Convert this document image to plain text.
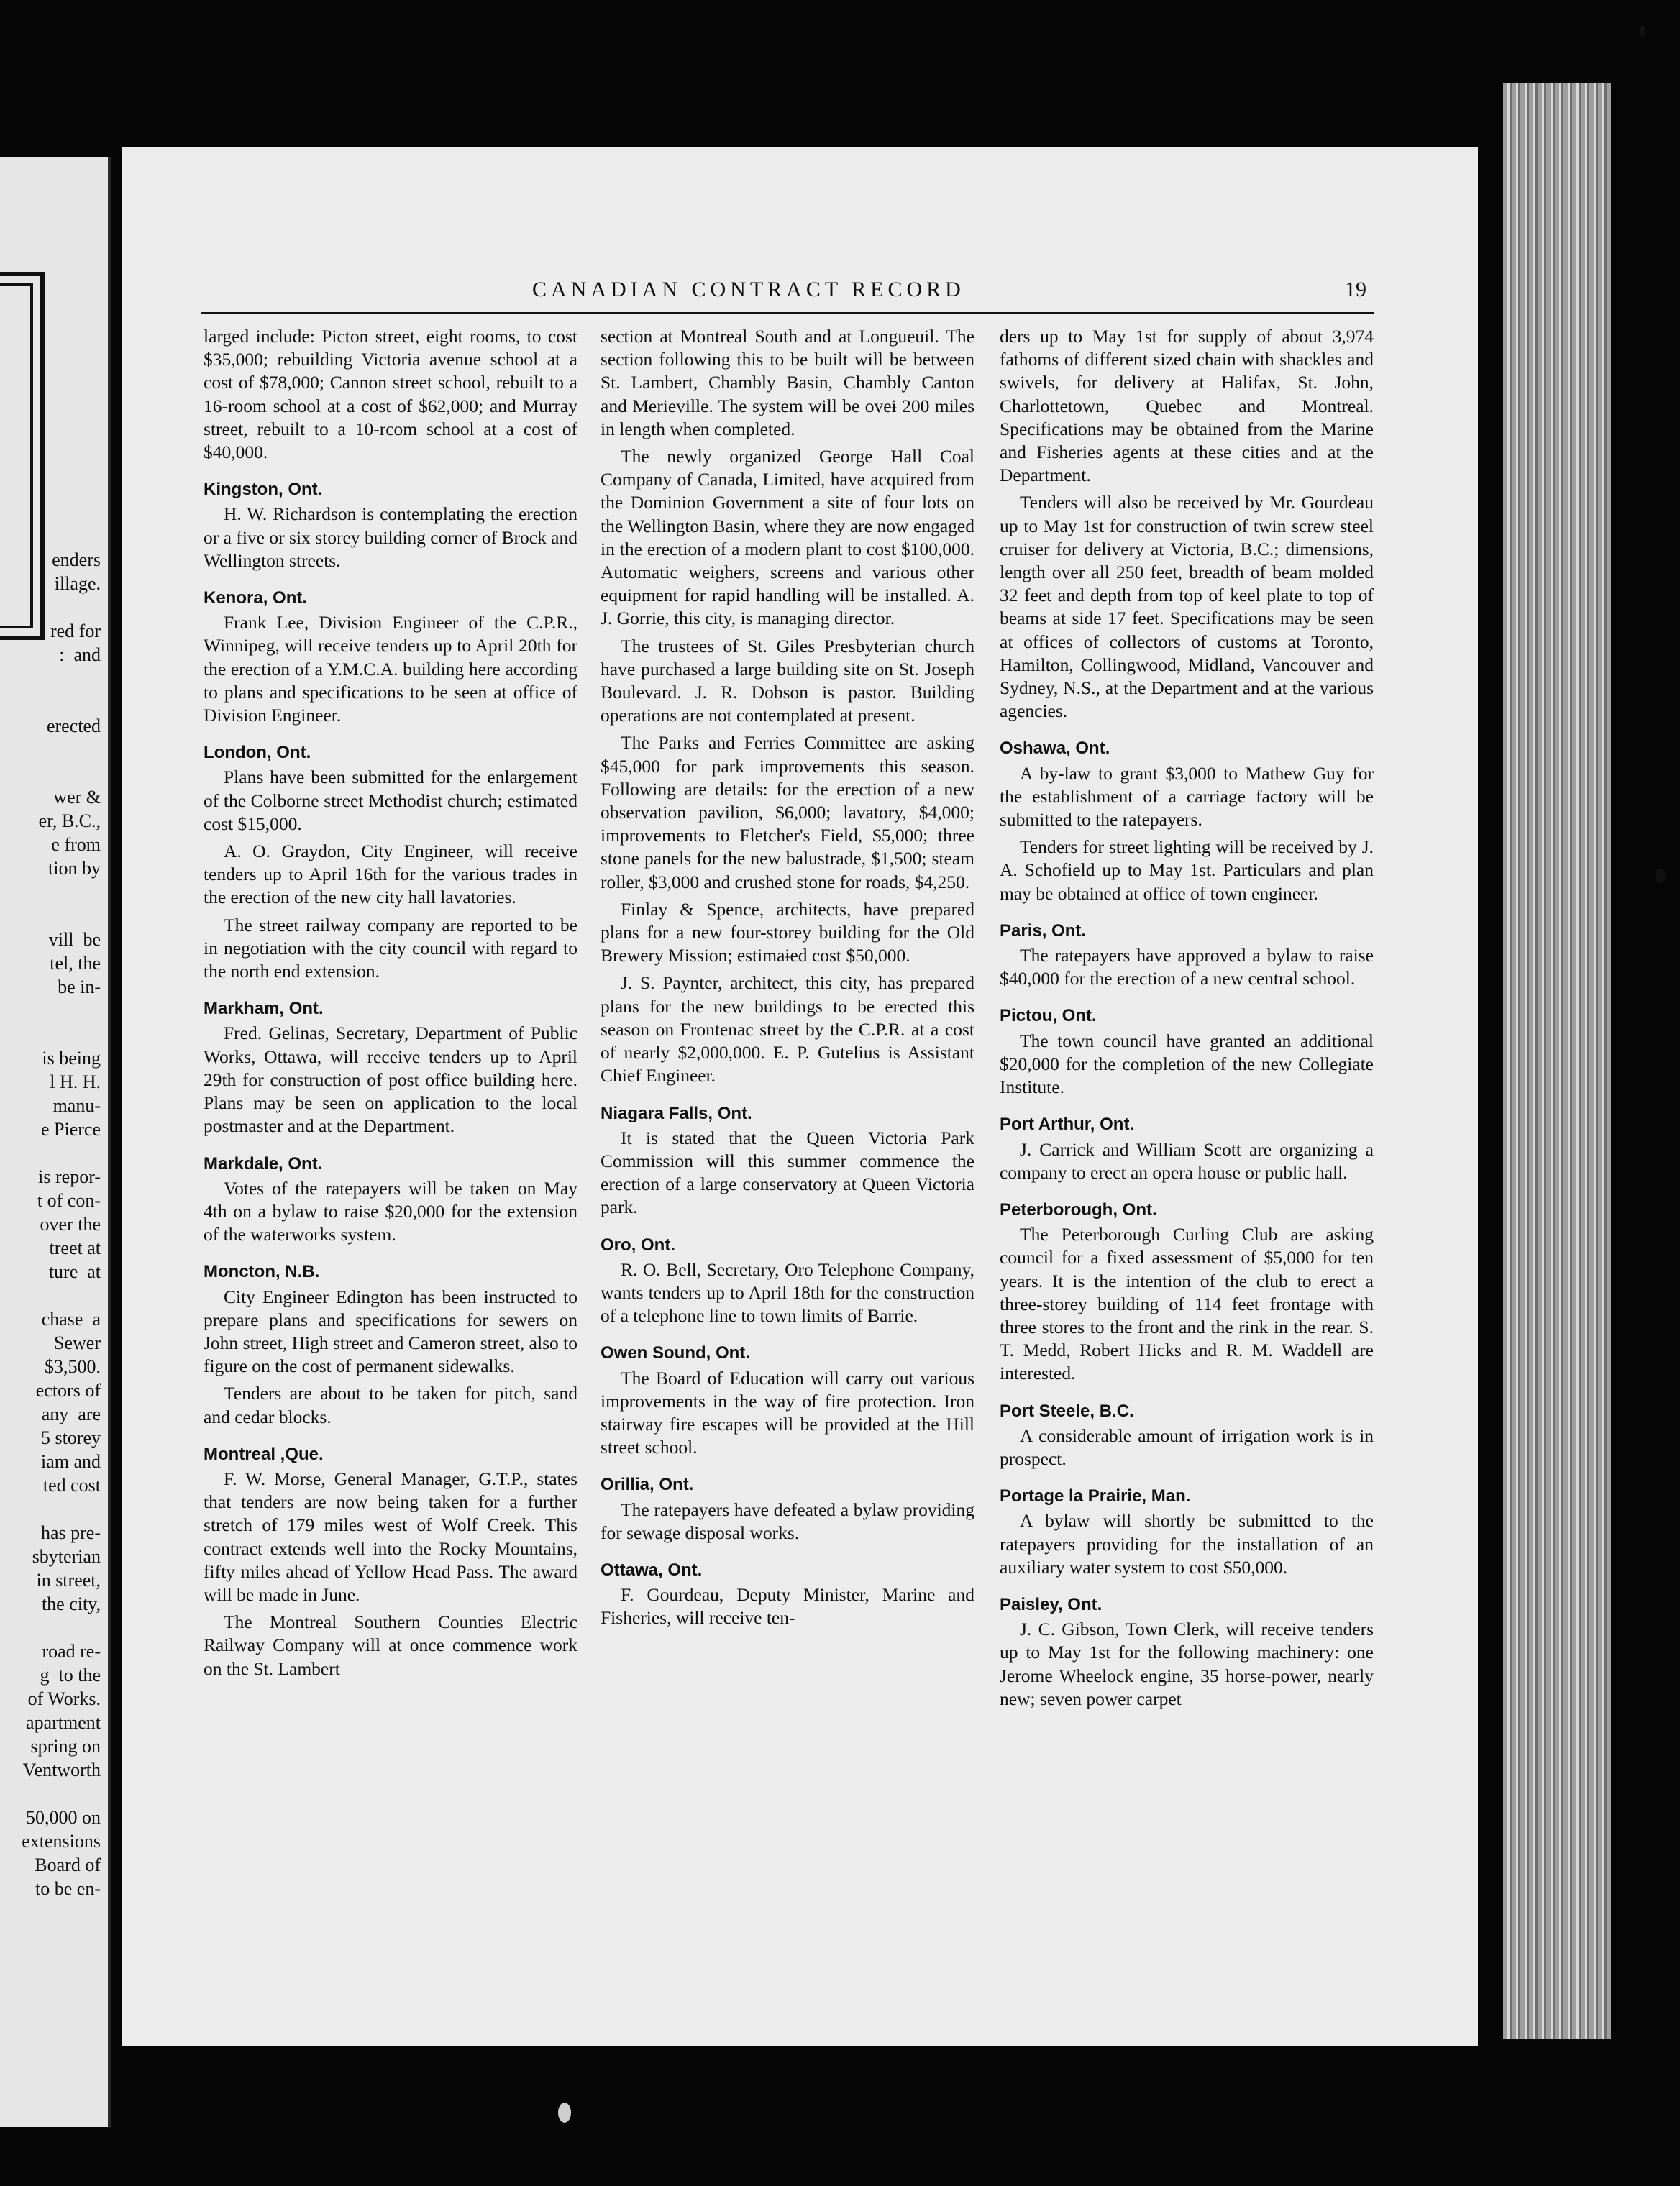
enders
illage.
red for
:  and
erected
wer &
er, B.C.,
e from
tion by
vill  be
tel, the
be in-
is being
l H. H.
manu-
e Pierce
is repor-
t of con-
over the
treet at
ture  at
chase  a
Sewer
$3,500.
ectors of
any  are
5 storey
iam and
ted cost
has pre-
sbyterian
in street,
the city,
road re-
g  to the
of Works.
apartment
spring on
Ventworth
50,000 on
extensions
Board of
to be en-
CANADIAN CONTRACT RECORD	19

larged include: Picton street, eight rooms, to cost $35,000; rebuilding Victoria avenue school at a cost of $78,000; Cannon street school, rebuilt to a 16-room school at a cost of $62,000; and Murray street, rebuilt to a 10-rcom school at a cost of $40,000.

Kingston, Ont.

H. W. Richardson is contemplating the erection or a five or six storey building corner of Brock and Wellington streets.

Kenora, Ont.

Frank Lee, Division Engineer of the C.P.R., Winnipeg, will receive tenders up to April 20th for the erection of a Y.M.C.A. building here according to plans and specifications to be seen at office of Division Engineer.

London, Ont.

Plans have been submitted for the enlargement of the Colborne street Methodist church; estimated cost $15,000.

A. O. Graydon, City Engineer, will receive tenders up to April 16th for the various trades in the erection of the new city hall lavatories.

The street railway company are reported to be in negotiation with the city council with regard to the north end extension.

Markham, Ont.

Fred. Gelinas, Secretary, Department of Public Works, Ottawa, will receive tenders up to April 29th for construction of post office building here. Plans may be seen on application to the local postmaster and at the Department.

Markdale, Ont.

Votes of the ratepayers will be taken on May 4th on a bylaw to raise $20,000 for the extension of the waterworks system.

Moncton, N.B.

City Engineer Edington has been instructed to prepare plans and specifications for sewers on John street, High street and Cameron street, also to figure on the cost of permanent sidewalks.

Tenders are about to be taken for pitch, sand and cedar blocks.

Montreal ,Que.

F. W. Morse, General Manager, G.T.P., states that tenders are now being taken for a further stretch of 179 miles west of Wolf Creek. This contract extends well into the Rocky Mountains, fifty miles ahead of Yellow Head Pass. The award will be made in June.

The Montreal Southern Counties Electric Railway Company will at once commence work on the St. Lambert

section at Montreal South and at Longueuil. The section following this to be built will be between St. Lambert, Chambly Basin, Chambly Canton and Merieville. The system will be oveɨ 200 miles in length when completed.

The newly organized George Hall Coal Company of Canada, Limited, have acquired from the Dominion Government a site of four lots on the Wellington Basin, where they are now engaged in the erection of a modern plant to cost $100,000. Automatic weighers, screens and various other equipment for rapid handling will be installed. A. J. Gorrie, this city, is managing director.

The trustees of St. Giles Presbyterian church have purchased a large building site on St. Joseph Boulevard. J. R. Dobson is pastor. Building operations are not contemplated at present.

The Parks and Ferries Committee are asking $45,000 for park improvements this season. Following are details: for the erection of a new observation pavilion, $6,000; lavatory, $4,000; improvements to Fletcher's Field, $5,000; three stone panels for the new balustrade, $1,500; steam roller, $3,000 and crushed stone for roads, $4,250.

Finlay & Spence, architects, have prepared plans for a new four-storey building for the Old Brewery Mission; estimaɨed cost $50,000.

J. S. Paynter, architect, this city, has prepared plans for the new buildings to be erected this season on Frontenac street by the C.P.R. at a cost of nearly $2,000,000. E. P. Gutelius is Assistant Chief Engineer.

Niagara Falls, Ont.

It is stated that the Queen Victoria Park Commission will this summer commence the erection of a large conservatory at Queen Victoria park.

Oro, Ont.

R. O. Bell, Secretary, Oro Telephone Company, wants tenders up to April 18th for the construction of a telephone line to town limits of Barrie.

Owen Sound, Ont.

The Board of Education will carry out various improvements in the way of fire protection. Iron stairway fire escapes will be provided at the Hill street school.

Orillia, Ont.

The ratepayers have defeated a bylaw providing for sewage disposal works.

Ottawa, Ont.

F. Gourdeau, Deputy Minister, Marine and Fisheries, will receive ten-

ders up to May 1st for supply of about 3,974 fathoms of different sized chain with shackles and swivels, for delivery at Halifax, St. John, Charlottetown, Quebec and Montreal. Specifications may be obtained from the Marine and Fisheries agents at these cities and at the Department.

Tenders will also be received by Mr. Gourdeau up to May 1st for construction of twin screw steel cruiser for delivery at Victoria, B.C.; dimensions, length over all 250 feet, breadth of beam molded 32 feet and depth from top of keel plate to top of beams at side 17 feet. Specifications may be seen at offices of collectors of customs at Toronto, Hamilton, Collingwood, Midland, Vancouver and Sydney, N.S., at the Department and at the various agencies.

Oshawa, Ont.

A by-law to grant $3,000 to Mathew Guy for the establishment of a carriage factory will be submitted to the ratepayers.

Tenders for street lighting will be received by J. A. Schofield up to May 1st. Particulars and plan may be obtained at office of town engineer.

Paris, Ont.

The ratepayers have approved a bylaw to raise $40,000 for the erection of a new central school.

Pictou, Ont.

The town council have granted an additional $20,000 for the completion of the new Collegiate Institute.

Port Arthur, Ont.

J. Carrick and William Scott are organizing a company to erect an opera house or public hall.

Peterborough, Ont.

The Peterborough Curling Club are asking council for a fixed assessment of $5,000 for ten years. It is the intention of the club to erect a three-storey building of 114 feet frontage with three stores to the front and the rink in the rear. S. T. Medd, Robert Hicks and R. M. Waddell are interested.

Port Steele, B.C.

A considerable amount of irrigation work is in prospect.

Portage la Prairie, Man.

A bylaw will shortly be submitted to the ratepayers providing for the installation of an auxiliary water system to cost $50,000.

Paisley, Ont.

J. C. Gibson, Town Clerk, will receive tenders up to May 1st for the following machinery: one Jerome Wheelock engine, 35 horse-power, nearly new; seven power carpet
